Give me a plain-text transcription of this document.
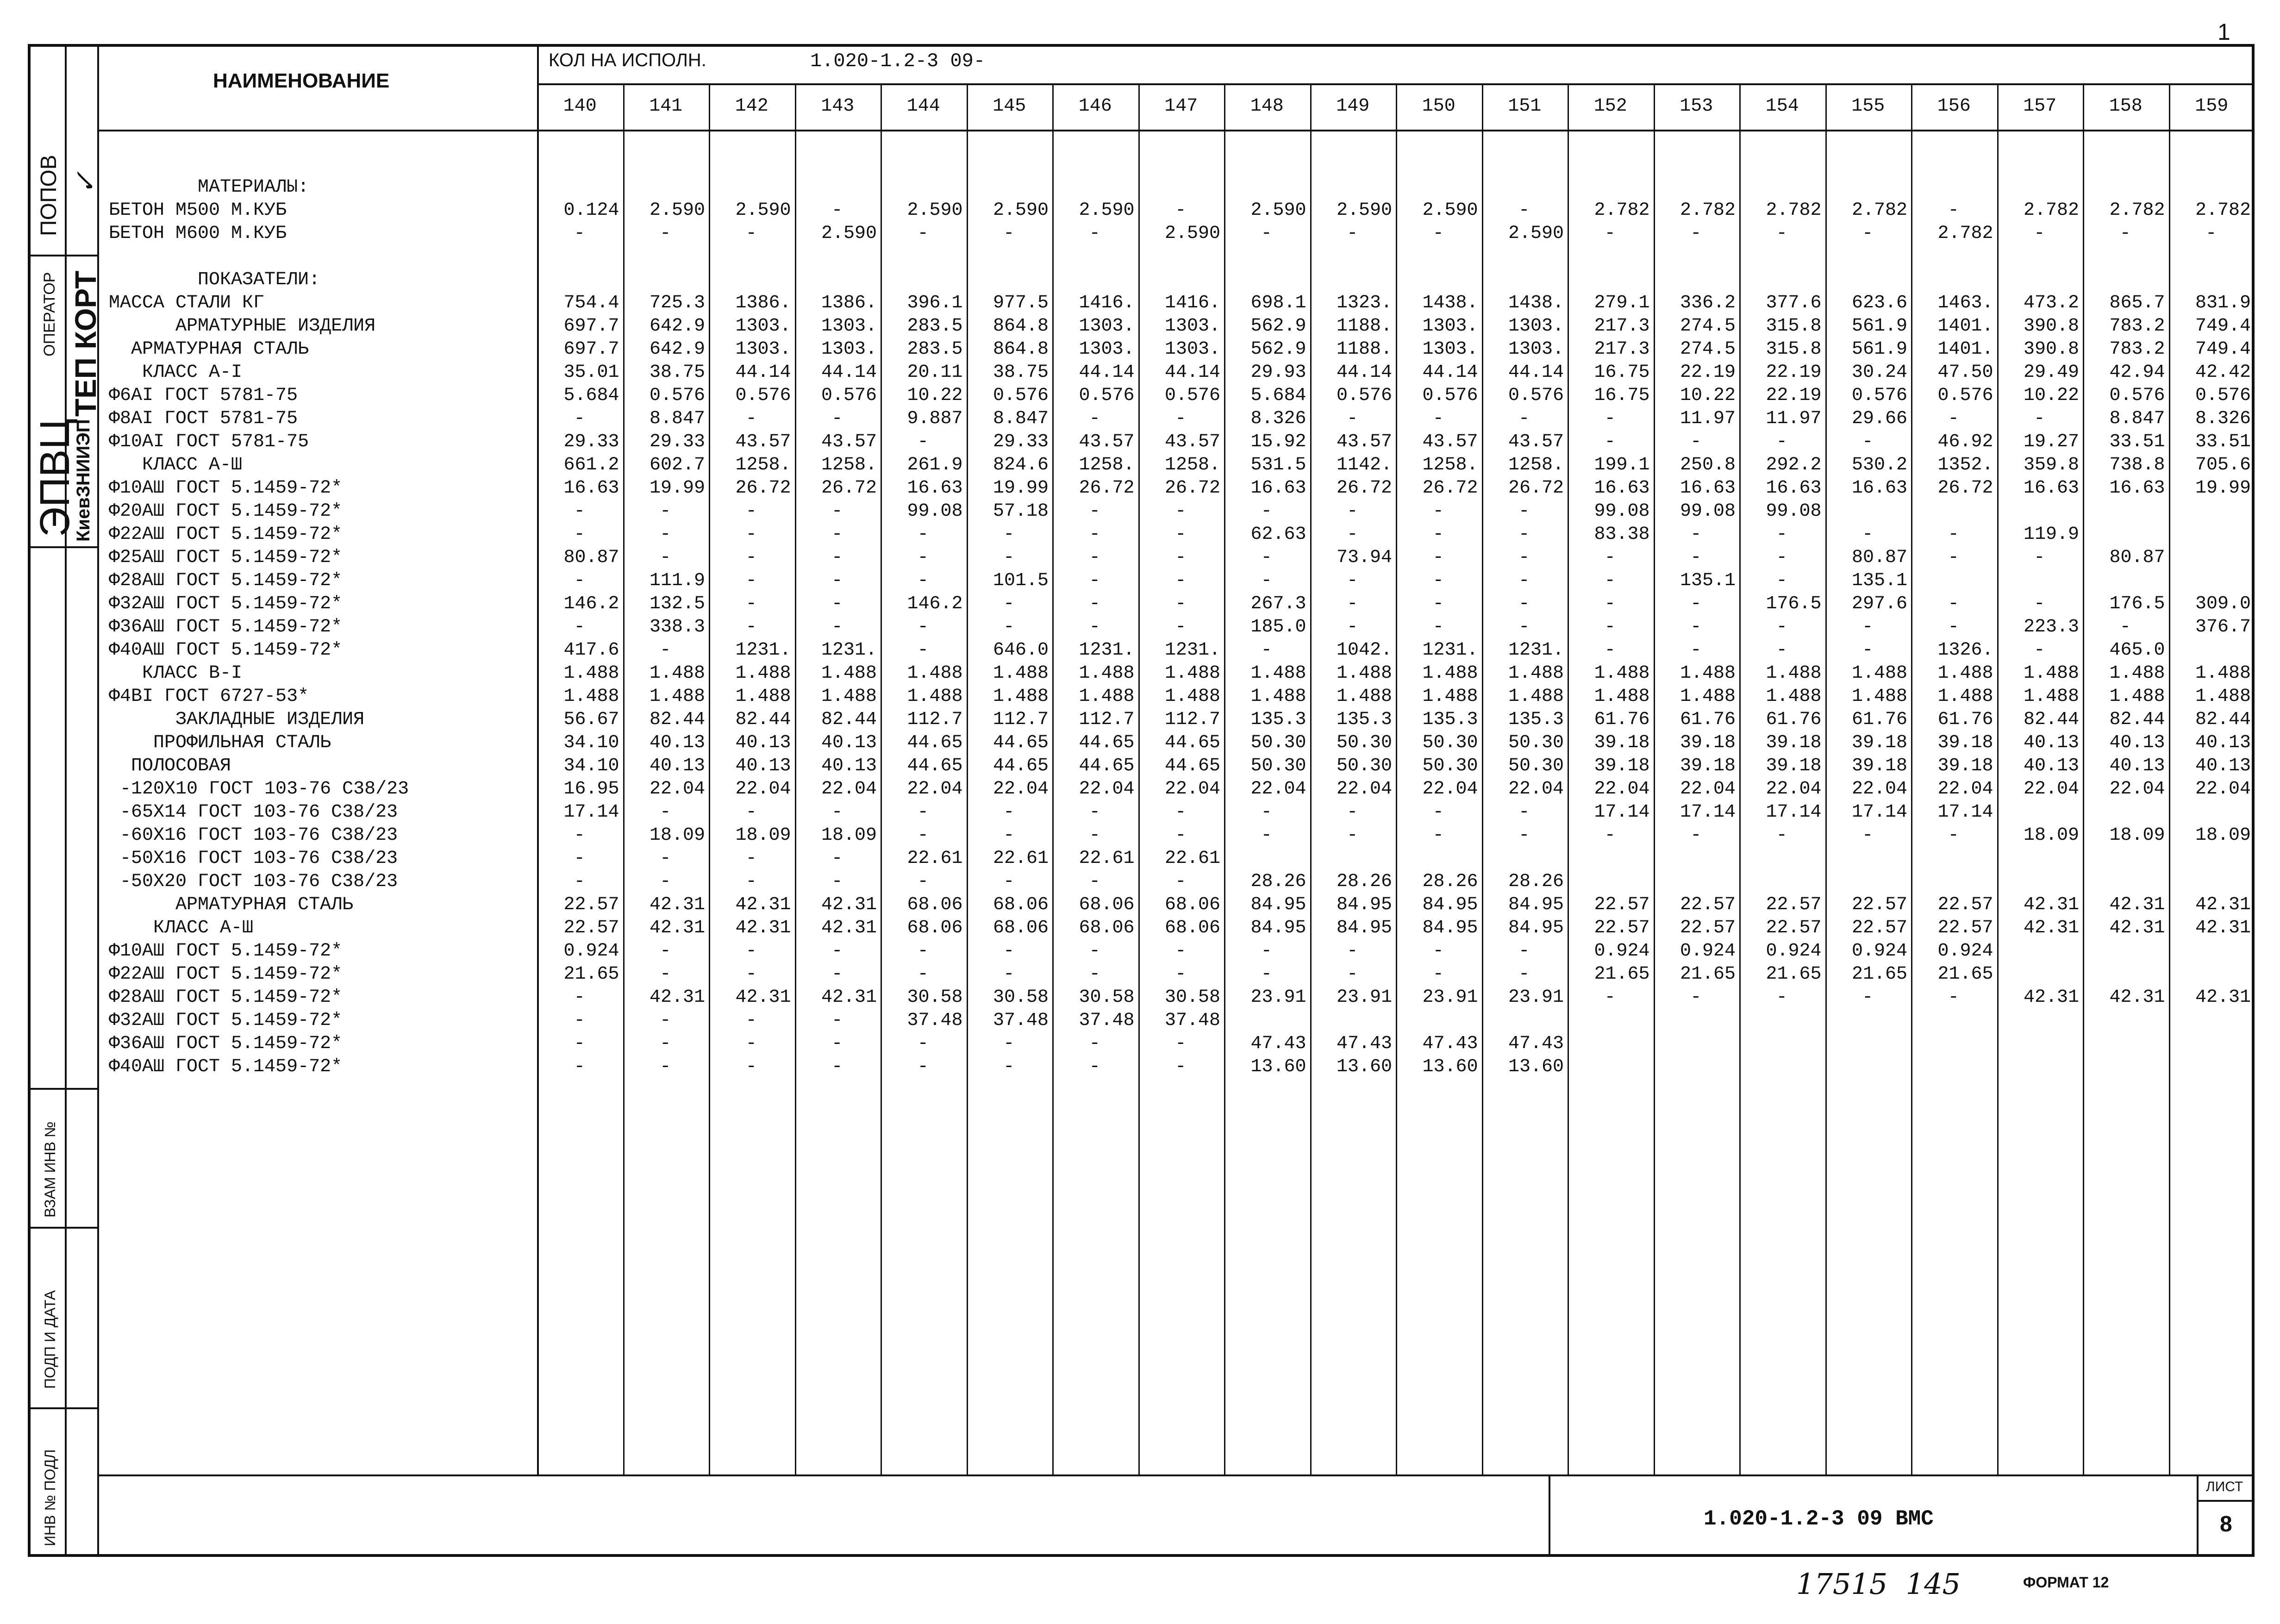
ПОПОВ ✓
ОПЕРАТОР ТЕП КОРТ
ЭПВЦ
КиевЗНИИЭП
ВЗАМ ИНВ №
ПОДП И ДАТА
ИНВ № ПОДЛ
НАИМЕНОВАНИЕ
КОЛ НА ИСПОЛН.	1.020-1.2-3 09-
1
140	141	142	143	144	145	146	147	148	149	150	151	152	153	154	155	156	157	158	159
МАТЕРИАЛЫ:
БЕТОН М500 М.КУБ	0.124	2.590	2.590	-	2.590	2.590	2.590	-	2.590	2.590	2.590	-	2.782	2.782	2.782	2.782	-	2.782	2.782	2.782
БЕТОН М600 М.КУБ	-	-	-	2.590	-	-	-	2.590	-	-	-	2.590	-	-	-	-	2.782	-	-	-
ПОКАЗАТЕЛИ:
МАССА СТАЛИ КГ	754.4	725.3	1386.	1386.	396.1	977.5	1416.	1416.	698.1	1323.	1438.	1438.	279.1	336.2	377.6	623.6	1463.	473.2	865.7	831.9
АРМАТУРНЫЕ ИЗДЕЛИЯ	697.7	642.9	1303.	1303.	283.5	864.8	1303.	1303.	562.9	1188.	1303.	1303.	217.3	274.5	315.8	561.9	1401.	390.8	783.2	749.4
АРМАТУРНАЯ СТАЛЬ	697.7	642.9	1303.	1303.	283.5	864.8	1303.	1303.	562.9	1188.	1303.	1303.	217.3	274.5	315.8	561.9	1401.	390.8	783.2	749.4
КЛАСС А-I	35.01	38.75	44.14	44.14	20.11	38.75	44.14	44.14	29.93	44.14	44.14	44.14	16.75	22.19	22.19	30.24	47.50	29.49	42.94	42.42
Ф6АI ГОСТ 5781-75	5.684	0.576	0.576	0.576	10.22	0.576	0.576	0.576	5.684	0.576	0.576	0.576	16.75	10.22	22.19	0.576	0.576	10.22	0.576	0.576
Ф8АI ГОСТ 5781-75	-	8.847	-	-	9.887	8.847	-	-	8.326	-	-	-	-	11.97	11.97	29.66	-	-	8.847	8.326
Ф10АI ГОСТ 5781-75	29.33	29.33	43.57	43.57	-	29.33	43.57	43.57	15.92	43.57	43.57	43.57	-	-	-	-	46.92	19.27	33.51	33.51
КЛАСС А-Ш	661.2	602.7	1258.	1258.	261.9	824.6	1258.	1258.	531.5	1142.	1258.	1258.	199.1	250.8	292.2	530.2	1352.	359.8	738.8	705.6
Ф10АШ ГОСТ 5.1459-72*	16.63	19.99	26.72	26.72	16.63	19.99	26.72	26.72	16.63	26.72	26.72	26.72	16.63	16.63	16.63	16.63	26.72	16.63	16.63	19.99
Ф20АШ ГОСТ 5.1459-72*	-	-	-	-	99.08	57.18	-	-	-	-	-	-	99.08	99.08	99.08
Ф22АШ ГОСТ 5.1459-72*	-	-	-	-	-	-	-	-	62.63	-	-	-	83.38	-	-	-	-	119.9
Ф25АШ ГОСТ 5.1459-72*	80.87	-	-	-	-	-	-	-	-	73.94	-	-	-	-	-	80.87	-	-	80.87
Ф28АШ ГОСТ 5.1459-72*	-	111.9	-	-	-	101.5	-	-	-	-	-	-	-	135.1	-	135.1
Ф32АШ ГОСТ 5.1459-72*	146.2	132.5	-	-	146.2	-	-	-	267.3	-	-	-	-	-	176.5	297.6	-	-	176.5	309.0
Ф36АШ ГОСТ 5.1459-72*	-	338.3	-	-	-	-	-	-	185.0	-	-	-	-	-	-	-	-	223.3	-	376.7
Ф40АШ ГОСТ 5.1459-72*	417.6	-	1231.	1231.	-	646.0	1231.	1231.	-	1042.	1231.	1231.	-	-	-	-	1326.	-	465.0
КЛАСС В-I	1.488	1.488	1.488	1.488	1.488	1.488	1.488	1.488	1.488	1.488	1.488	1.488	1.488	1.488	1.488	1.488	1.488	1.488	1.488	1.488
Ф4ВI ГОСТ 6727-53*	1.488	1.488	1.488	1.488	1.488	1.488	1.488	1.488	1.488	1.488	1.488	1.488	1.488	1.488	1.488	1.488	1.488	1.488	1.488	1.488
ЗАКЛАДНЫЕ ИЗДЕЛИЯ	56.67	82.44	82.44	82.44	112.7	112.7	112.7	112.7	135.3	135.3	135.3	135.3	61.76	61.76	61.76	61.76	61.76	82.44	82.44	82.44
ПРОФИЛЬНАЯ СТАЛЬ	34.10	40.13	40.13	40.13	44.65	44.65	44.65	44.65	50.30	50.30	50.30	50.30	39.18	39.18	39.18	39.18	39.18	40.13	40.13	40.13
ПОЛОСОВАЯ	34.10	40.13	40.13	40.13	44.65	44.65	44.65	44.65	50.30	50.30	50.30	50.30	39.18	39.18	39.18	39.18	39.18	40.13	40.13	40.13
-120Х10 ГОСТ 103-76 С38/23	16.95	22.04	22.04	22.04	22.04	22.04	22.04	22.04	22.04	22.04	22.04	22.04	22.04	22.04	22.04	22.04	22.04	22.04	22.04	22.04
-65Х14 ГОСТ 103-76 С38/23	17.14	-	-	-	-	-	-	-	-	-	-	-	17.14	17.14	17.14	17.14	17.14
-60Х16 ГОСТ 103-76 С38/23	-	18.09	18.09	18.09	-	-	-	-	-	-	-	-	-	-	-	-	-	18.09	18.09	18.09
-50Х16 ГОСТ 103-76 С38/23	-	-	-	-	22.61	22.61	22.61	22.61
-50Х20 ГОСТ 103-76 С38/23	-	-	-	-	-	-	-	-	28.26	28.26	28.26	28.26
АРМАТУРНАЯ СТАЛЬ	22.57	42.31	42.31	42.31	68.06	68.06	68.06	68.06	84.95	84.95	84.95	84.95	22.57	22.57	22.57	22.57	22.57	42.31	42.31	42.31
КЛАСС А-Ш	22.57	42.31	42.31	42.31	68.06	68.06	68.06	68.06	84.95	84.95	84.95	84.95	22.57	22.57	22.57	22.57	22.57	42.31	42.31	42.31
Ф10АШ ГОСТ 5.1459-72*	0.924	-	-	-	-	-	-	-	-	-	-	-	0.924	0.924	0.924	0.924	0.924
Ф22АШ ГОСТ 5.1459-72*	21.65	-	-	-	-	-	-	-	-	-	-	-	21.65	21.65	21.65	21.65	21.65
Ф28АШ ГОСТ 5.1459-72*	-	42.31	42.31	42.31	30.58	30.58	30.58	30.58	23.91	23.91	23.91	23.91	-	-	-	-	-	42.31	42.31	42.31
Ф32АШ ГОСТ 5.1459-72*	-	-	-	-	37.48	37.48	37.48	37.48
Ф36АШ ГОСТ 5.1459-72*	-	-	-	-	-	-	-	-	47.43	47.43	47.43	47.43
Ф40АШ ГОСТ 5.1459-72*	-	-	-	-	-	-	-	-	13.60	13.60	13.60	13.60
1.020-1.2-3 09 ВМС
ЛИСТ
8
17515  145	ФОРМАТ 12
